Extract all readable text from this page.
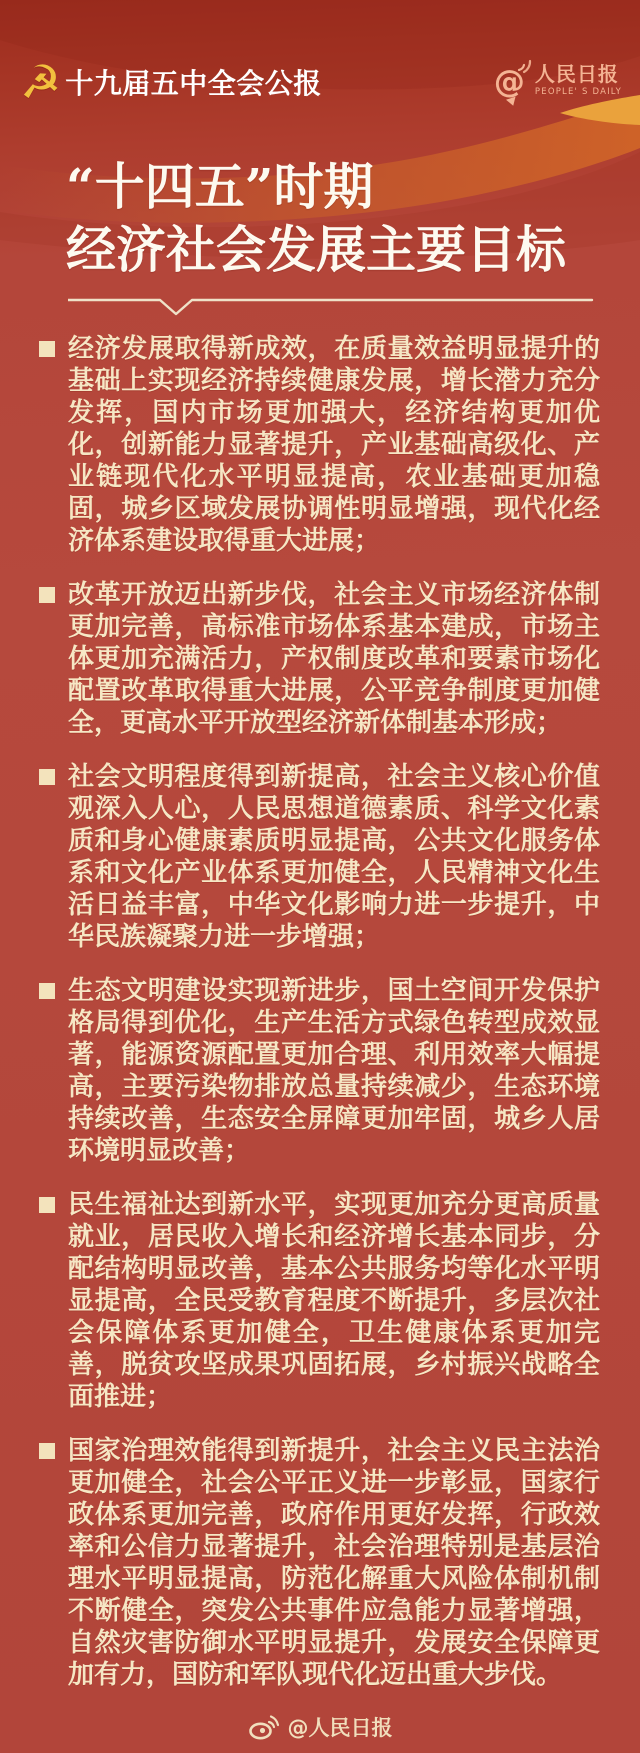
☭ 十九届五中全会公报	@ 人民日报
PEOPLE' S DAILY
“十四五”时期
经济社会发展主要目标

经济发展取得新成效，在质量效益明显提升的基础上实现经济持续健康发展，增长潜力充分发挥，国内市场更加强大，经济结构更加优化，创新能力显著提升，产业基础高级化、产业链现代化水平明显提高，农业基础更加稳固，城乡区域发展协调性明显增强，现代化经济体系建设取得重大进展；

改革开放迈出新步伐，社会主义市场经济体制更加完善，高标准市场体系基本建成，市场主体更加充满活力，产权制度改革和要素市场化配置改革取得重大进展，公平竞争制度更加健全，更高水平开放型经济新体制基本形成；

社会文明程度得到新提高，社会主义核心价值观深入人心，人民思想道德素质、科学文化素质和身心健康素质明显提高，公共文化服务体系和文化产业体系更加健全，人民精神文化生活日益丰富，中华文化影响力进一步提升，中华民族凝聚力进一步增强；

生态文明建设实现新进步，国土空间开发保护格局得到优化，生产生活方式绿色转型成效显著，能源资源配置更加合理、利用效率大幅提高，主要污染物排放总量持续减少，生态环境持续改善，生态安全屏障更加牢固，城乡人居环境明显改善；

民生福祉达到新水平，实现更加充分更高质量就业，居民收入增长和经济增长基本同步，分配结构明显改善，基本公共服务均等化水平明显提高，全民受教育程度不断提升，多层次社会保障体系更加健全，卫生健康体系更加完善，脱贫攻坚成果巩固拓展，乡村振兴战略全面推进；

国家治理效能得到新提升，社会主义民主法治更加健全，社会公平正义进一步彰显，国家行政体系更加完善，政府作用更好发挥，行政效率和公信力显著提升，社会治理特别是基层治理水平明显提高，防范化解重大风险体制机制不断健全，突发公共事件应急能力显著增强，自然灾害防御水平明显提升，发展安全保障更加有力，国防和军队现代化迈出重大步伐。

@人民日报
